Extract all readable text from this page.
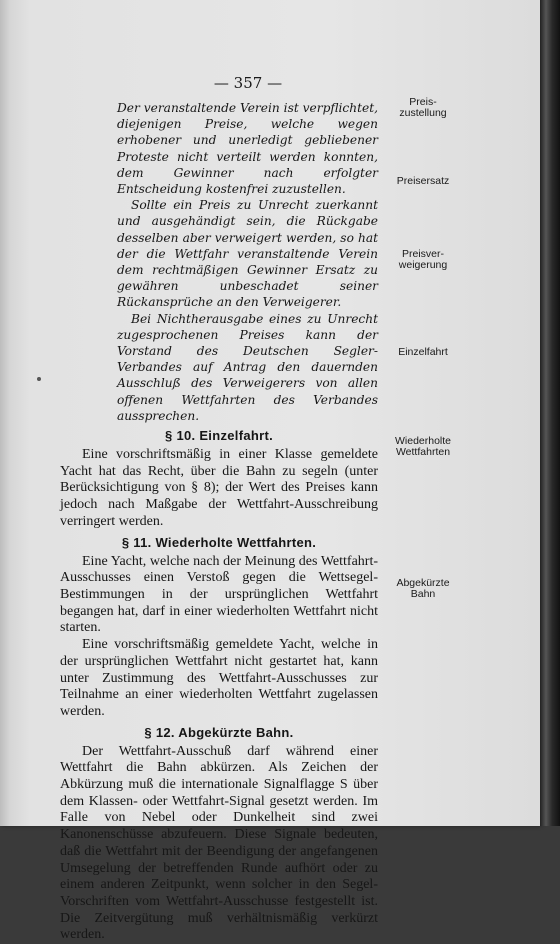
— 357 —
Preis-
zustellung
Preisersatz
Preisver-
weigerung
Einzelfahrt
Wiederholte
Wettfahrten
Abgekürzte
Bahn

Der veranstaltende Verein ist verpflichtet, diejenigen Preise, welche wegen erhobener und unerledigt gebliebener Proteste nicht verteilt werden konnten, dem Gewinner nach erfolgter Entscheidung kostenfrei zuzustellen.

Sollte ein Preis zu Unrecht zuerkannt und ausgehändigt sein, die Rückgabe desselben aber verweigert werden, so hat der die Wettfahr veranstaltende Verein dem rechtmäßigen Gewinner Ersatz zu gewähren unbeschadet seiner Rückansprüche an den Verweigerer.

Bei Nichtherausgabe eines zu Unrecht zugesprochenen Preises kann der Vorstand des Deutschen Segler-Verbandes auf Antrag den dauernden Ausschluß des Verweigerers von allen offenen Wettfahrten des Verbandes aussprechen.

§ 10. Einzelfahrt.

Eine vorschriftsmäßig in einer Klasse gemeldete Yacht hat das Recht, über die Bahn zu segeln (unter Berücksichtigung von § 8); der Wert des Preises kann jedoch nach Maßgabe der Wettfahrt-Ausschreibung verringert werden.

§ 11. Wiederholte Wettfahrten.

Eine Yacht, welche nach der Meinung des Wettfahrt-Ausschusses einen Verstoß gegen die Wettsegel-Bestimmungen in der ursprünglichen Wettfahrt begangen hat, darf in einer wiederholten Wettfahrt nicht starten.

Eine vorschriftsmäßig gemeldete Yacht, welche in der ursprünglichen Wettfahrt nicht gestartet hat, kann unter Zustimmung des Wettfahrt-Ausschusses zur Teilnahme an einer wiederholten Wettfahrt zugelassen werden.

§ 12. Abgekürzte Bahn.

Der Wettfahrt-Ausschuß darf während einer Wettfahrt die Bahn abkürzen. Als Zeichen der Abkürzung muß die internationale Signalflagge S über dem Klassen- oder Wettfahrt-Signal gesetzt werden. Im Falle von Nebel oder Dunkelheit sind zwei Kanonenschüsse abzufeuern. Diese Signale bedeuten, daß die Wettfahrt mit der Beendigung der angefangenen Umsegelung der betreffenden Runde aufhört oder zu einem anderen Zeitpunkt, wenn solcher in den Segel-Vorschriften vom Wettfahrt-Ausschusse festgestellt ist. Die Zeitvergütung muß verhältnismäßig verkürzt werden.
